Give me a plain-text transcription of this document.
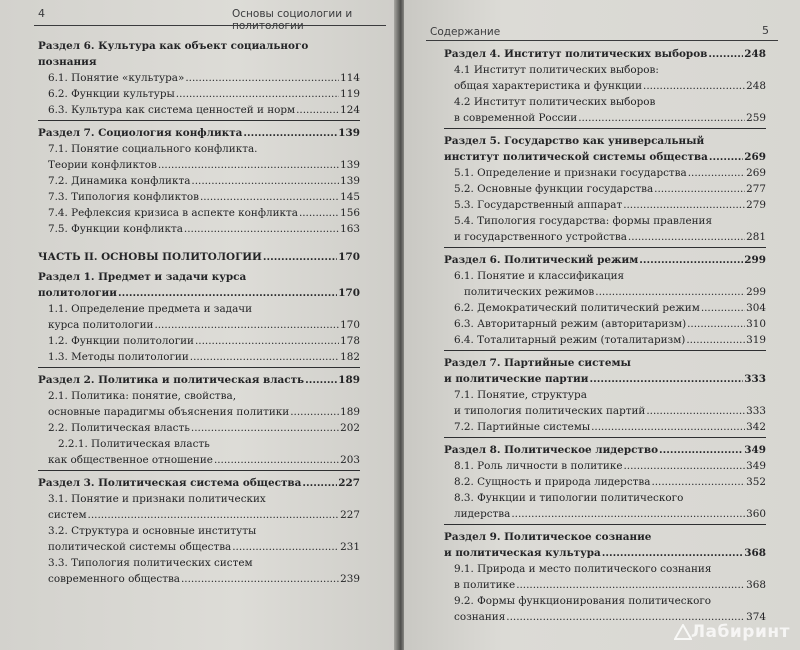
4	Основы социологии и политологии
Раздел 6. Культура как объект социального
познания
6.1. Понятие «культура» .....	114
6.2. Функции культуры .....	119
6.3. Культура как система ценностей и норм .....	124
Раздел 7. Социология конфликта .....	139
7.1. Понятие социального конфликта.
Теории конфликтов .....	139
7.2. Динамика конфликта .....	139
7.3. Типология конфликтов .....	145
7.4. Рефлексия кризиса в аспекте конфликта .....	156
7.5. Функции конфликта .....	163
ЧАСТЬ II. ОСНОВЫ ПОЛИТОЛОГИИ .....	170
Раздел 1. Предмет и задачи курса
политологии .....	170
1.1. Определение предмета и задачи
курса политологии .....	170
1.2. Функции политологии .....	178
1.3. Методы политологии .....	182
Раздел 2. Политика и политическая власть .....	189
2.1. Политика: понятие, свойства,
основные парадигмы объяснения политики .....	189
2.2. Политическая власть .....	202
2.2.1. Политическая власть
как общественное отношение .....	203
Раздел 3. Политическая система общества .....	227
3.1. Понятие и признаки политических
систем .....	227
3.2. Структура и основные институты
политической системы общества .....	231
3.3. Типология политических систем
современного общества .....	239
Содержание	5
Раздел 4. Институт политических выборов .....	248
4.1 Институт политических выборов:
общая характеристика и функции .....	248
4.2 Институт политических выборов
в современной России .....	259
Раздел 5. Государство как универсальный
институт политической системы общества .....	269
5.1. Определение и признаки государства .....	269
5.2. Основные функции государства .....	277
5.3. Государственный аппарат .....	279
5.4. Типология государства: формы правления
и государственного устройства .....	281
Раздел 6. Политический режим .....	299
6.1. Понятие и классификация
политических режимов .....	299
6.2. Демократический политический режим .....	304
6.3. Авторитарный режим (авторитаризм) .....	310
6.4. Тоталитарный режим (тоталитаризм) .....	319
Раздел 7. Партийные системы
и политические партии .....	333
7.1. Понятие, структура
и типология политических партий .....	333
7.2. Партийные системы .....	342
Раздел 8. Политическое лидерство .....	349
8.1. Роль личности в политике .....	349
8.2. Сущность и природа лидерства .....	352
8.3. Функции и типологии политического
лидерства .....	360
Раздел 9. Политическое сознание
и политическая культура .....	368
9.1. Природа и место политического сознания
в политике .....	368
9.2. Формы функционирования политического
сознания .....	374
Лабиринт
